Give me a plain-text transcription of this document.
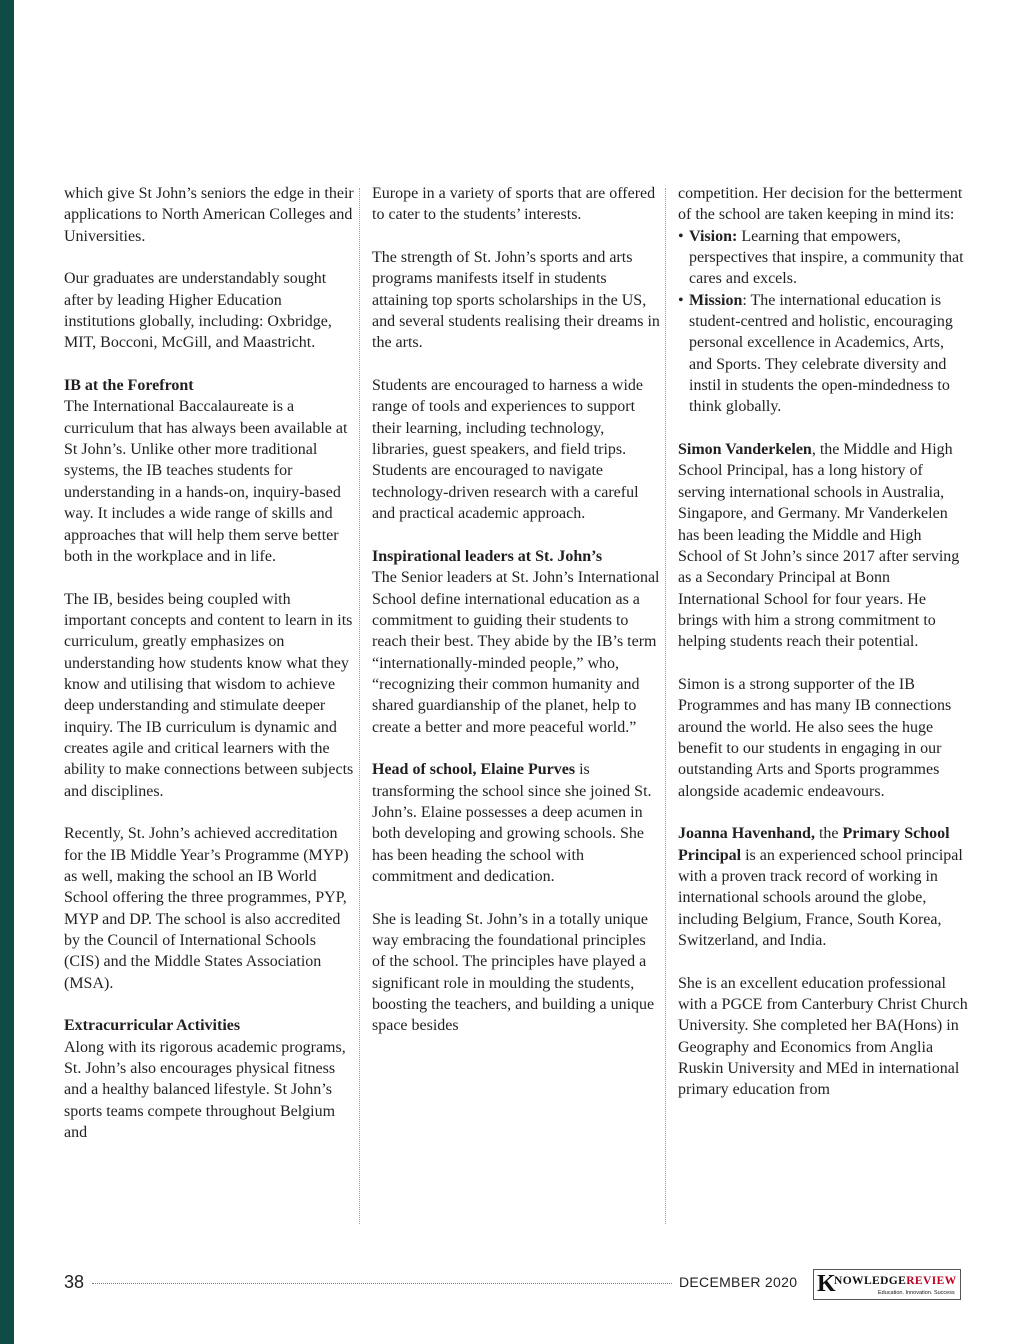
which give St John’s seniors the edge in their applications to North American Colleges and Universities.

Our graduates are understandably sought after by leading Higher Education institutions globally, including: Oxbridge, MIT, Bocconi, McGill, and Maastricht.

IB at the Forefront

The International Baccalaureate is a curriculum that has always been available at St John’s. Unlike other more traditional systems, the IB teaches students for understanding in a hands-on, inquiry-based way. It includes a wide range of skills and approaches that will help them serve better both in the workplace and in life.

The IB, besides being coupled with important concepts and content to learn in its curriculum, greatly emphasizes on understanding how students know what they know and utilising that wisdom to achieve deep understanding and stimulate deeper inquiry. The IB curriculum is dynamic and creates agile and critical learners with the ability to make connections between subjects and disciplines.

Recently, St. John’s achieved accreditation for the IB Middle Year’s Programme (MYP) as well, making the school an IB World School offering the three programmes, PYP, MYP and DP. The school is also accredited by the Council of International Schools (CIS) and the Middle States Association (MSA).

Extracurricular Activities

Along with its rigorous academic programs, St. John’s also encourages physical fitness and a healthy balanced lifestyle. St John’s sports teams compete throughout Belgium and

Europe in a variety of sports that are offered to cater to the students’ interests.

The strength of St. John’s sports and arts programs manifests itself in students attaining top sports scholarships in the US, and several students realising their dreams in the arts.

Students are encouraged to harness a wide range of tools and experiences to support their learning, including technology, libraries, guest speakers, and field trips. Students are encouraged to navigate technology-driven research with a careful and practical academic approach.

Inspirational leaders at St. John’s

The Senior leaders at St. John’s International School define international education as a commitment to guiding their students to reach their best. They abide by the IB’s term “internationally-minded people,” who, “recognizing their common humanity and shared guardianship of the planet, help to create a better and more peaceful world.”

Head of school, Elaine Purves is transforming the school since she joined St. John’s. Elaine possesses a deep acumen in both developing and growing schools. She has been heading the school with commitment and dedication.

She is leading St. John’s in a totally unique way embracing the foundational principles of the school. The principles have played a significant role in moulding the students, boosting the teachers, and building a unique space besides

competition. Her decision for the betterment of the school are taken keeping in mind its:

• Vision: Learning that empowers, perspectives that inspire, a community that cares and excels.
• Mission: The international education is student-centred and holistic, encouraging personal excellence in Academics, Arts, and Sports. They celebrate diversity and instil in students the open-mindedness to think globally.

Simon Vanderkelen, the Middle and High School Principal, has a long history of serving international schools in Australia, Singapore, and Germany. Mr Vanderkelen has been leading the Middle and High School of St John’s since 2017 after serving as a Secondary Principal at Bonn International School for four years. He brings with him a strong commitment to helping students reach their potential.

Simon is a strong supporter of the IB Programmes and has many IB connections around the world. He also sees the huge benefit to our students in engaging in our outstanding Arts and Sports programmes alongside academic endeavours.

Joanna Havenhand, the Primary School Principal is an experienced school principal with a proven track record of working in international schools around the globe, including Belgium, France, South Korea, Switzerland, and India.

She is an excellent education professional with a PGCE from Canterbury Christ Church University. She completed her BA(Hons) in Geography and Economics from Anglia Ruskin University and MEd in international primary education from

38	DECEMBER 2020 K
NOWLEDGEREVIEW
Education. Innovation. Success
